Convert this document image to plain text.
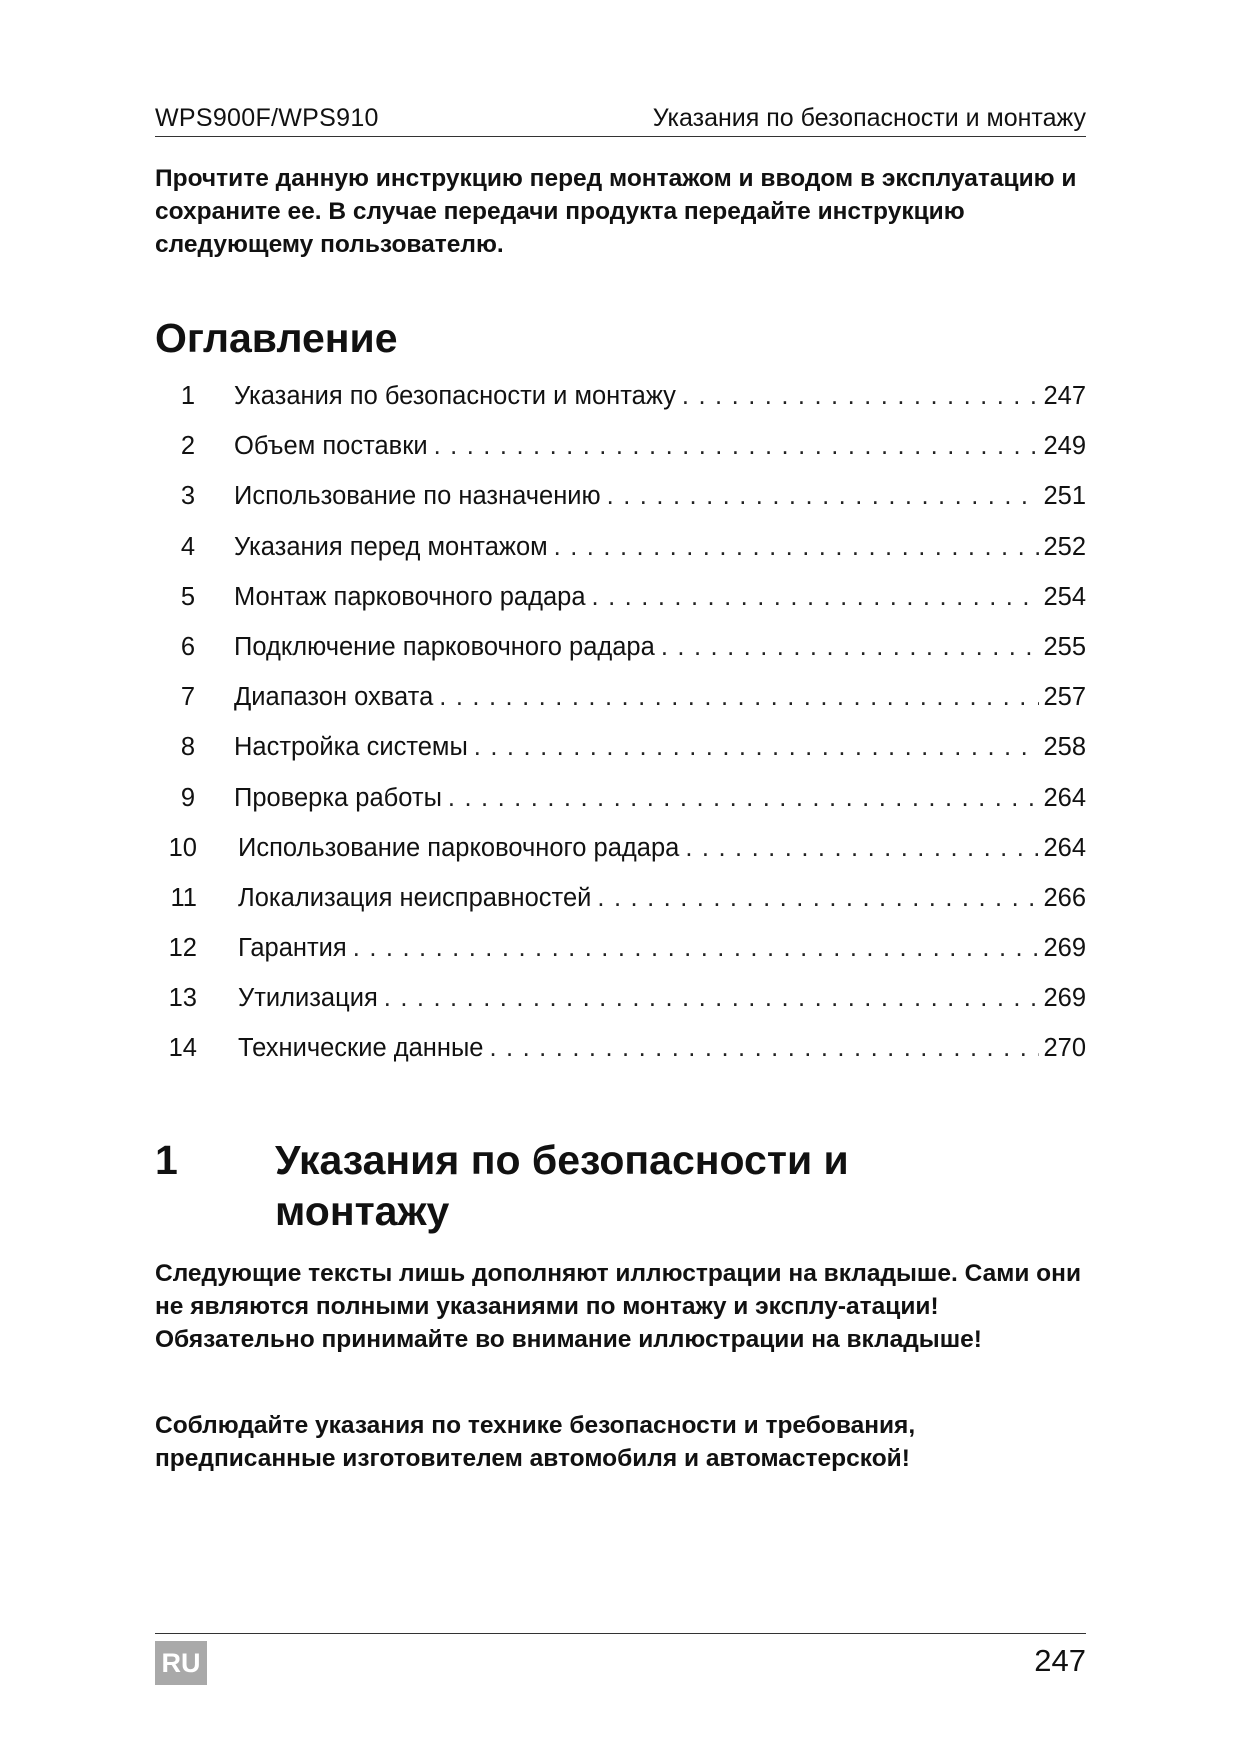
WPS900F/WPS910	Указания по безопасности и монтажу

Прочтите данную инструкцию перед монтажом и вводом в эксплуатацию и сохраните ее. В случае передачи продукта передайте инструкцию следующему пользователю.

Оглавление
1 Указания по безопасности и монтажу . . .	247
2 Объем поставки . . .	249
3 Использование по назначению . . .	251
4 Указания перед монтажом . . .	252
5 Монтаж парковочного радара . . .	254
6 Подключение парковочного радара . . .	255
7 Диапазон охвата . . .	257
8 Настройка системы . . .	258
9 Проверка работы . . .	264
10 Использование парковочного радара . . .	264
11 Локализация неисправностей . . .	266
12 Гарантия . . .	269
13 Утилизация . . .	269
14 Технические данные . . .	270
1 Указания по безопасности и монтажу

Следующие тексты лишь дополняют иллюстрации на вкладыше. Сами они не являются полными указаниями по монтажу и эксплу-атации! Обязательно принимайте во внимание иллюстрации на вкладыше!

Соблюдайте указания по технике безопасности и требования, предписанные изготовителем автомобиля и автомастерской!

RU	247
